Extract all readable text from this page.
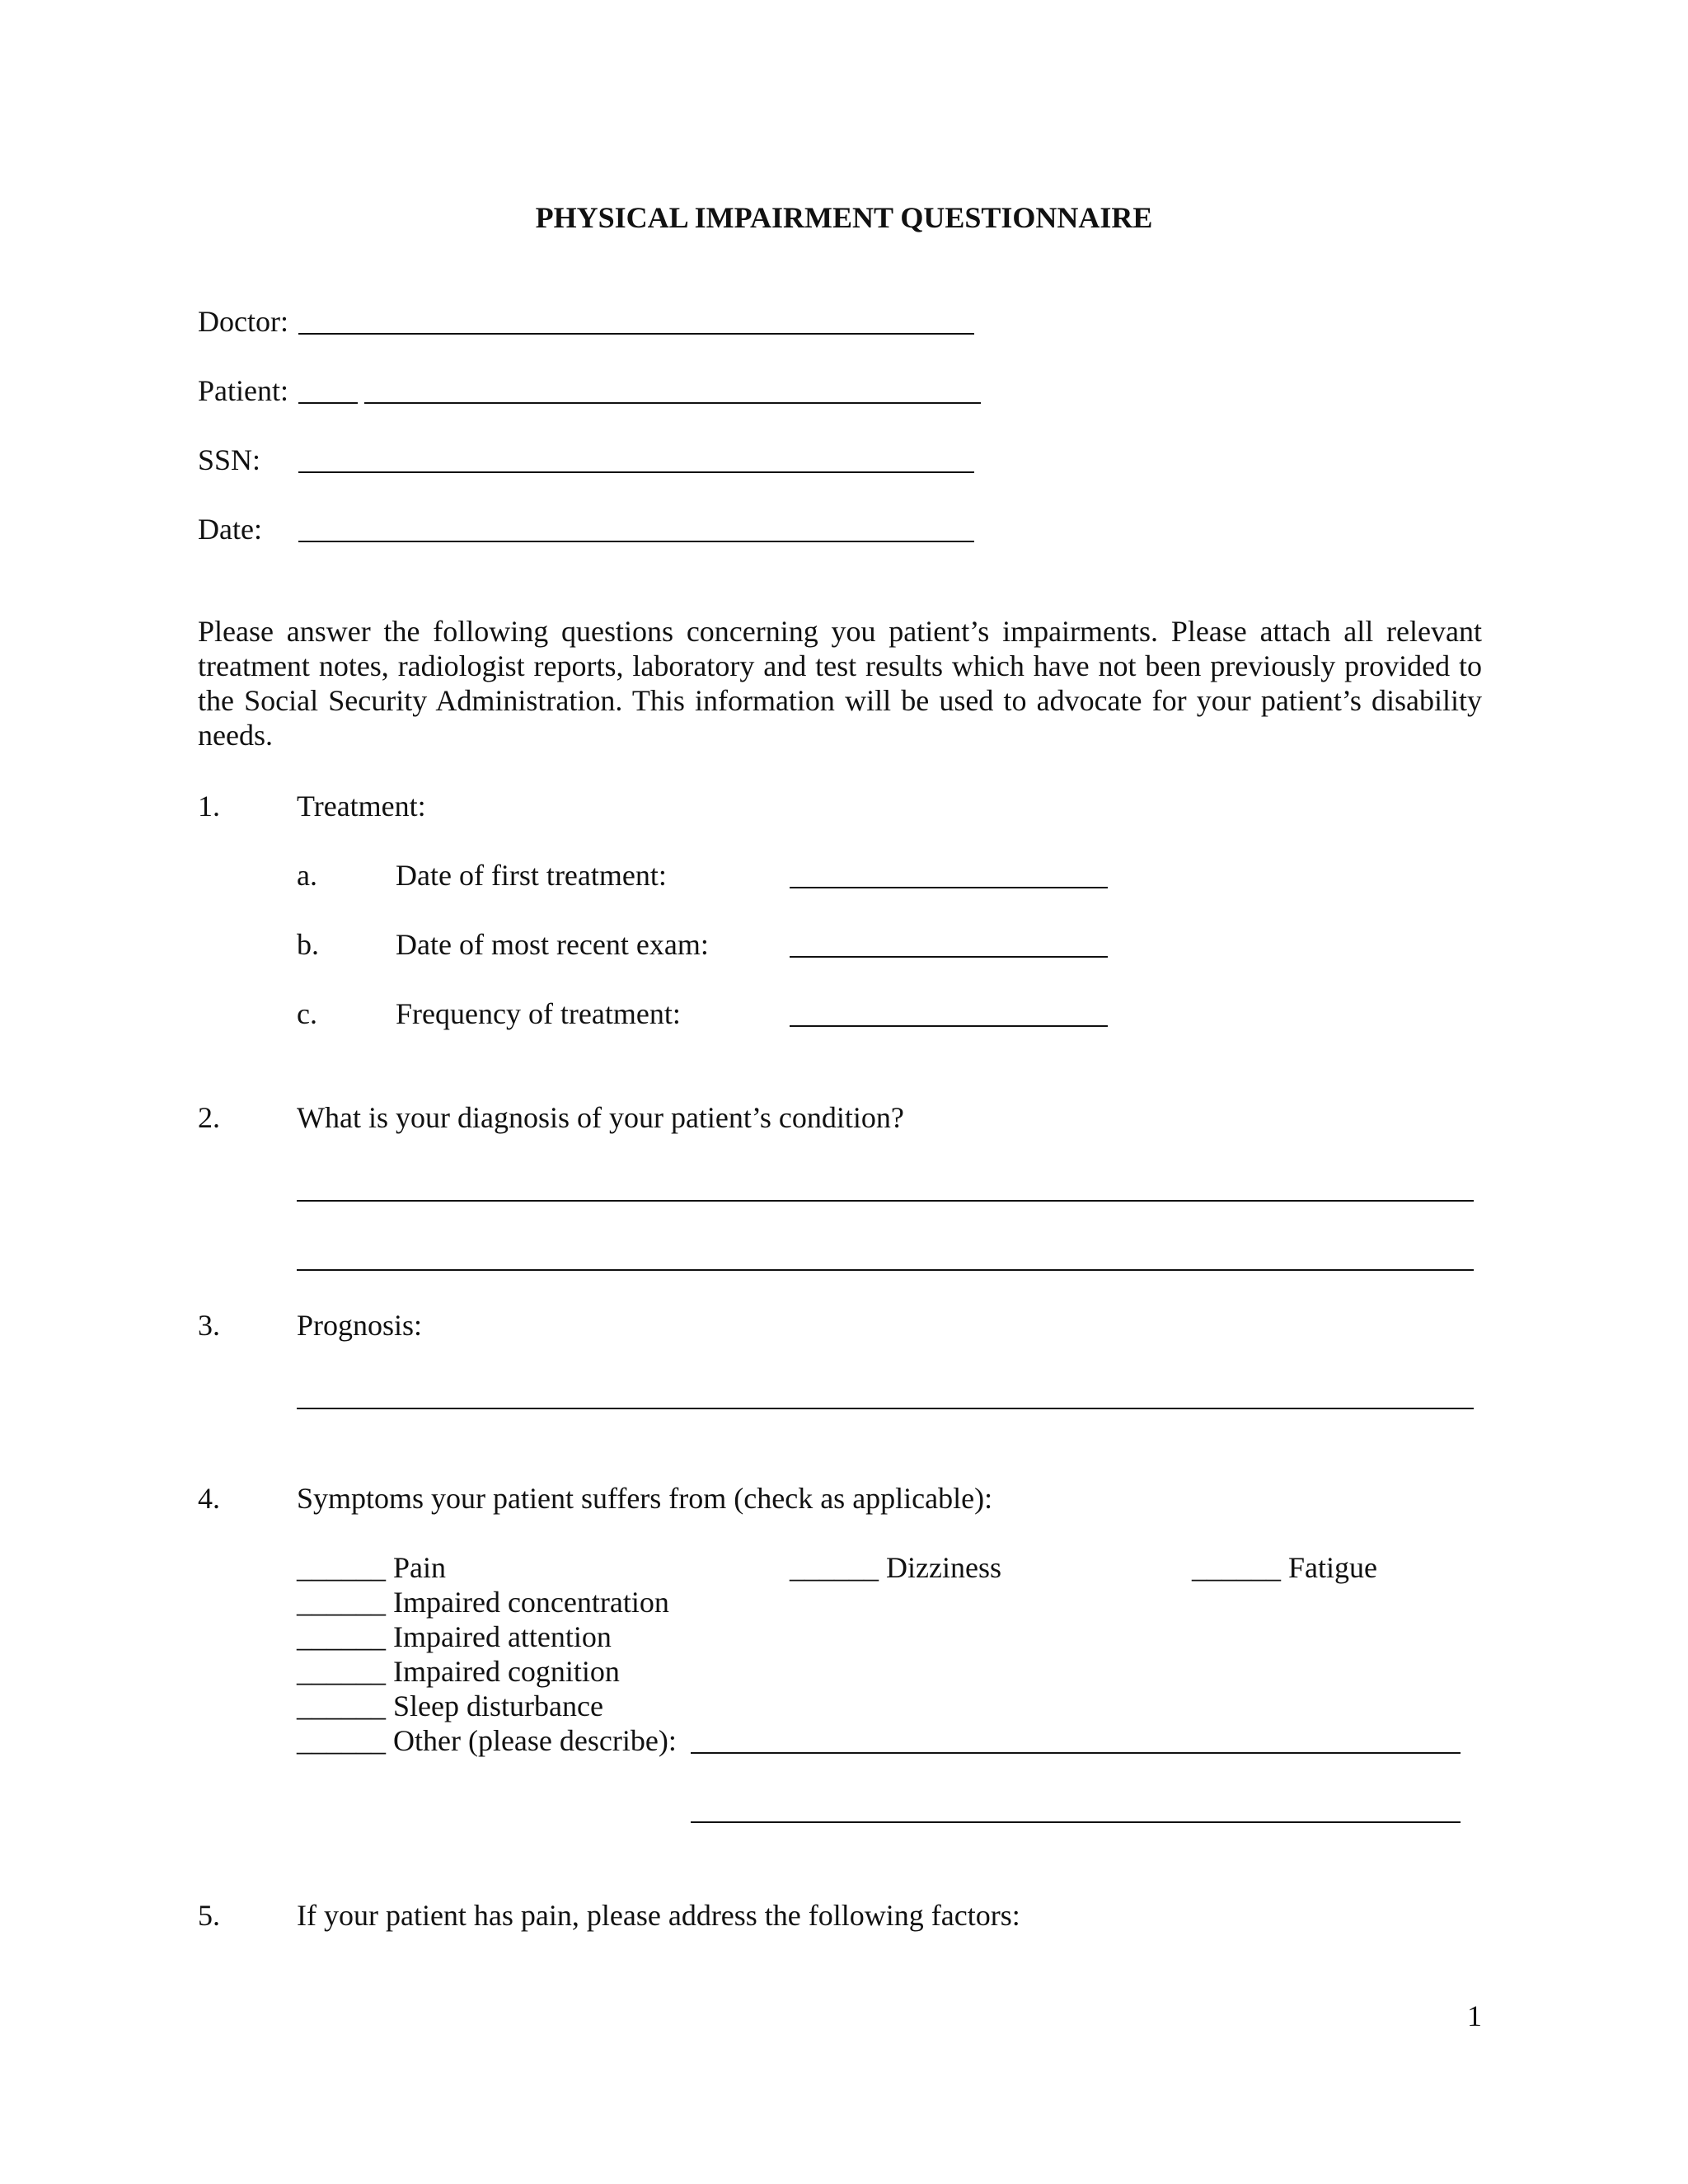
PHYSICAL IMPAIRMENT QUESTIONNAIRE
Doctor:
Patient:
SSN:
Date:
Please answer the following questions concerning you patient’s impairments. Please attach all relevant treatment notes, radiologist reports, laboratory and test results which have not been previously provided to the Social Security Administration. This information will be used to advocate for your patient’s disability needs.
1.	Treatment:
a.	Date of first treatment:
b.	Date of most recent exam:
c.	Frequency of treatment:
2.	What is your diagnosis of your patient’s condition?
3.	Prognosis:
4.	Symptoms your patient suffers from (check as applicable):
______ Pain	______ Dizziness	______ Fatigue
______ Impaired concentration
______ Impaired attention
______ Impaired cognition
______ Sleep disturbance
______ Other (please describe):
5.	If your patient has pain, please address the following factors:
1
